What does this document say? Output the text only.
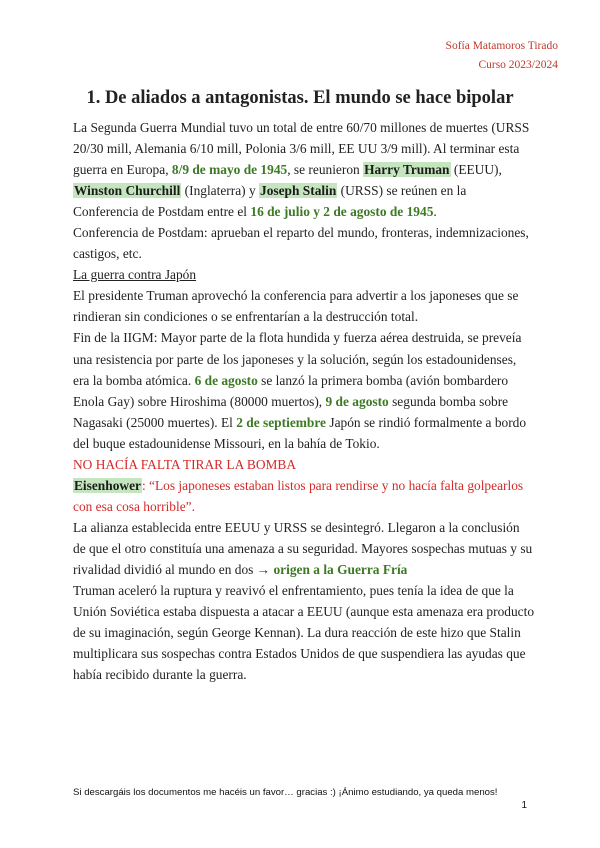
Sofía Matamoros Tirado
Curso 2023/2024
1. De aliados a antagonistas. El mundo se hace bipolar

La Segunda Guerra Mundial tuvo un total de entre 60/70 millones de muertes (URSS 20/30 mill, Alemania 6/10 mill, Polonia 3/6 mill, EE UU 3/9 mill). Al terminar esta guerra en Europa, 8/9 de mayo de 1945, se reunieron Harry Truman (EEUU), Winston Churchill (Inglaterra) y Joseph Stalin (URSS) se reúnen en la Conferencia de Postdam entre el 16 de julio y 2 de agosto de 1945.

Conferencia de Postdam: aprueban el reparto del mundo, fronteras, indemnizaciones, castigos, etc.

La guerra contra Japón

El presidente Truman aprovechó la conferencia para advertir a los japoneses que se rindieran sin condiciones o se enfrentarían a la destrucción total.

Fin de la IIGM: Mayor parte de la flota hundida y fuerza aérea destruida, se preveía una resistencia por parte de los japoneses y la solución, según los estadounidenses, era la bomba atómica. 6 de agosto se lanzó la primera bomba (avión bombardero Enola Gay) sobre Hiroshima (80000 muertos), 9 de agosto segunda bomba sobre Nagasaki (25000 muertes). El 2 de septiembre Japón se rindió formalmente a bordo del buque estadounidense Missouri, en la bahía de Tokio.

NO HACÍA FALTA TIRAR LA BOMBA

Eisenhower: “Los japoneses estaban listos para rendirse y no hacía falta golpearlos con esa cosa horrible”.

La alianza establecida entre EEUU y URSS se desintegró. Llegaron a la conclusión de que el otro constituía una amenaza a su seguridad. Mayores sospechas mutuas y su rivalidad dividió al mundo en dos → origen a la Guerra Fría

Truman aceleró la ruptura y reavivó el enfrentamiento, pues tenía la idea de que la Unión Soviética estaba dispuesta a atacar a EEUU (aunque esta amenaza era producto de su imaginación, según George Kennan). La dura reacción de este hizo que Stalin multiplicara sus sospechas contra Estados Unidos de que suspendiera las ayudas que había recibido durante la guerra.

Si descargáis los documentos me hacéis un favor… gracias :) ¡Ánimo estudiando, ya queda menos!
1
